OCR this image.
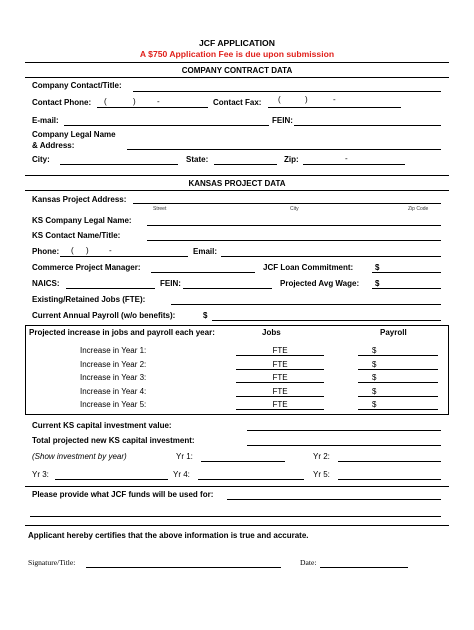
JCF APPLICATION
A $750 Application Fee is due upon submission
COMPANY CONTRACT DATA
Company Contact/Title:
Contact Phone: (	)	-	Contact Fax: (	)	-
E-mail:	FEIN:
Company Legal Name
& Address:
City:	State:	Zip:	-
KANSAS PROJECT DATA
Kansas Project Address:
Street	City	Zip Code
KS Company Legal Name:
KS Contact Name/Title:
Phone: ( )	-	Email:
Commerce Project Manager:	JCF Loan Commitment:	$
NAICS:	FEIN:	Projected Avg Wage: $
Existing/Retained Jobs (FTE):
Current Annual Payroll (w/o benefits):	$
Projected increase in jobs and payroll each year:	Jobs	Payroll
Increase in Year 1:	FTE	$
Increase in Year 2:	FTE	$
Increase in Year 3:	FTE	$
Increase in Year 4:	FTE	$
Increase in Year 5:	FTE	$
Current KS capital investment value:
Total projected new KS capital investment:
(Show investment by year)	Yr 1:	Yr 2:
Yr 3:	Yr 4:	Yr 5:
Please provide what JCF funds will be used for:
Applicant hereby certifies that the above information is true and accurate.
Signature/Title:	Date:
